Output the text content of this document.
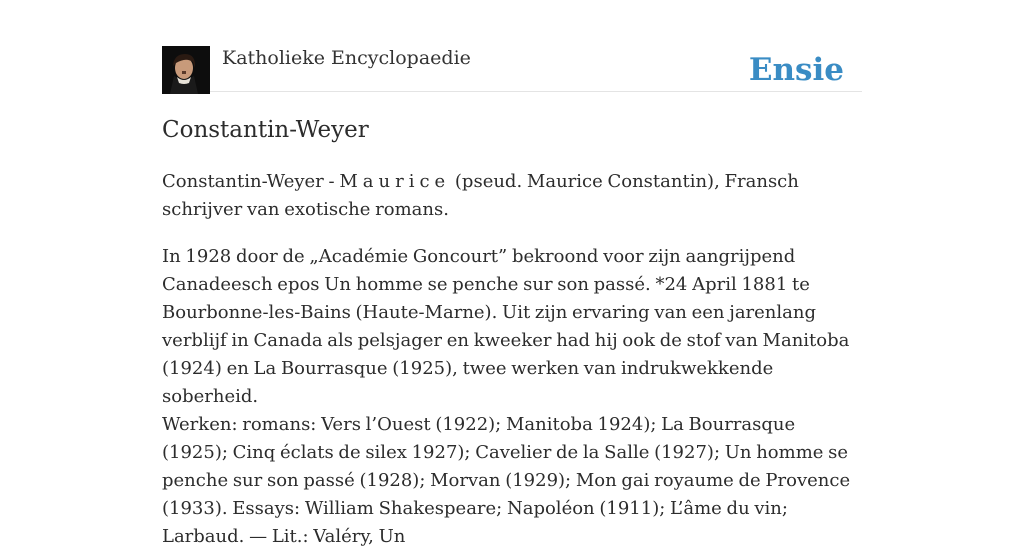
Katholieke Encyclopaedie	Ensie
Constantin-Weyer

Constantin-Weyer - Maurice (pseud. Maurice Constantin), Fransch schrijver van exotische romans.

In 1928 door de „Académie Goncourt” bekroond voor zijn aangrijpend Canadeesch epos Un homme se penche sur son passé. *24 April 1881 te Bourbonne-les-Bains (Haute-Marne). Uit zijn ervaring van een jarenlang verblijf in Canada als pelsjager en kweeker had hij ook de stof van Manitoba (1924) en La Bourrasque (1925), twee werken van indrukwekkende soberheid.

Werken: romans: Vers l’Ouest (1922); Manitoba 1924); La Bourrasque (1925); Cinq éclats de silex 1927); Cavelier de la Salle (1927); Un homme se penche sur son passé (1928); Morvan (1929); Mon gai royaume de Provence (1933). Essays: William Shakespeare; Napoléon (1911); L’âme du vin; Larbaud. — Lit.: Valéry, Un
